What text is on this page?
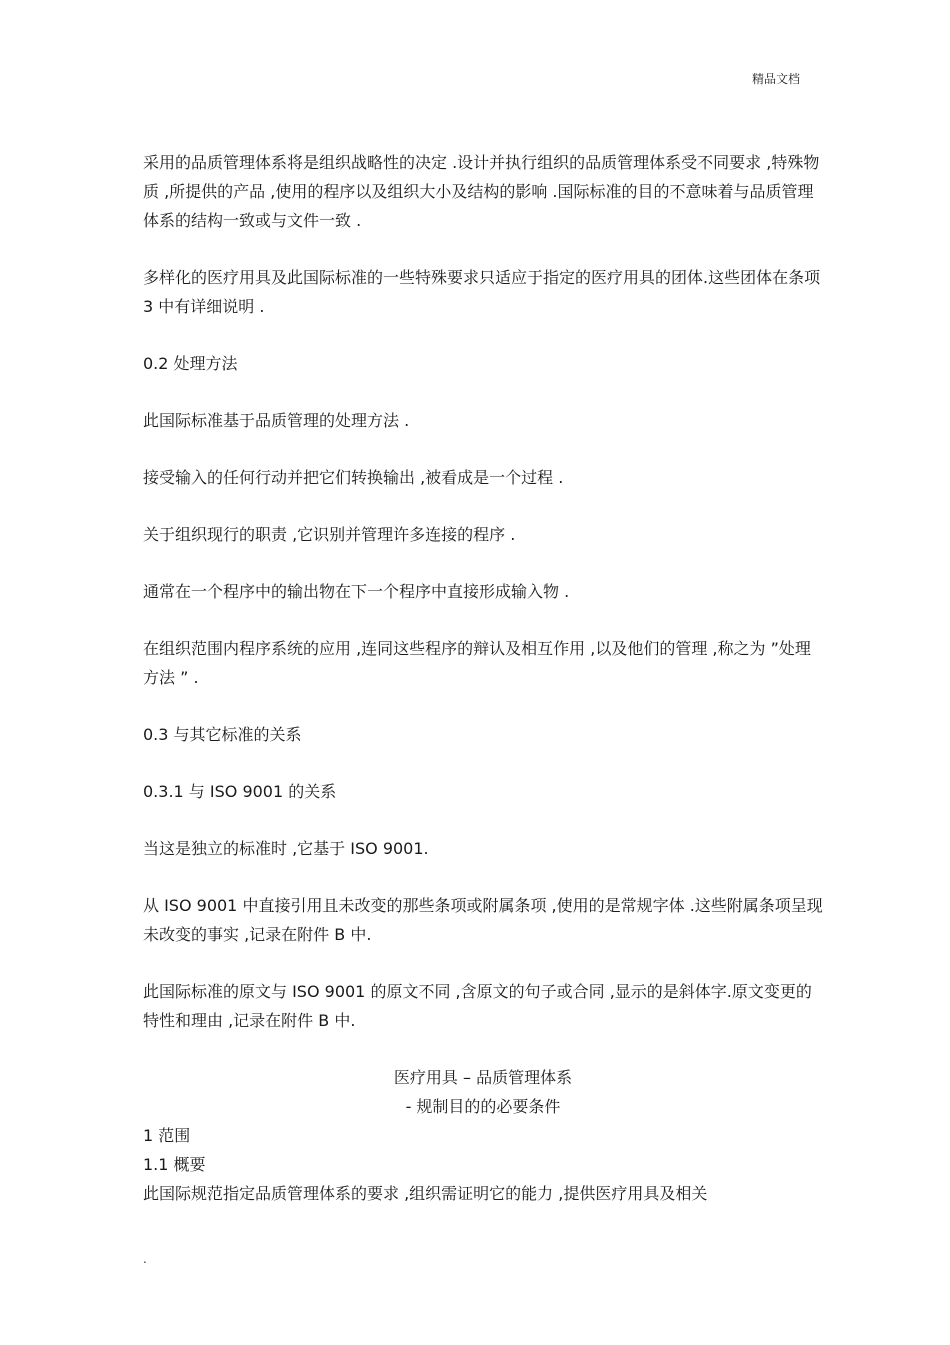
精品文档

采用的品质管理体系将是组织战略性的决定 .设计并执行组织的品质管理体系受不同要求 ,特殊物质 ,所提供的产品 ,使用的程序以及组织大小及结构的影响 .国际标准的目的不意味着与品质管理体系的结构一致或与文件一致 .

多样化的医疗用具及此国际标准的一些特殊要求只适应于指定的医疗用具的团体.这些团体在条项 3 中有详细说明 .

0.2 处理方法

此国际标准基于品质管理的处理方法 .

接受输入的任何行动并把它们转换输出 ,被看成是一个过程 .

关于组织现行的职责 ,它识别并管理许多连接的程序 .

通常在一个程序中的输出物在下一个程序中直接形成输入物 .

在组织范围内程序系统的应用 ,连同这些程序的辩认及相互作用 ,以及他们的管理 ,称之为 ”处理方法 ” .

0.3 与其它标准的关系

0.3.1 与 ISO 9001 的关系

当这是独立的标准时 ,它基于 ISO 9001.

从 ISO 9001 中直接引用且未改变的那些条项或附属条项 ,使用的是常规字体 .这些附属条项呈现未改变的事实 ,记录在附件 B 中.

此国际标准的原文与 ISO 9001 的原文不同 ,含原文的句子或合同 ,显示的是斜体字.原文变更的特性和理由 ,记录在附件 B 中.

医疗用具 – 品质管理体系
- 规制目的的必要条件

1 范围

1.1 概要

此国际规范指定品质管理体系的要求 ,组织需证明它的能力 ,提供医疗用具及相关

.
